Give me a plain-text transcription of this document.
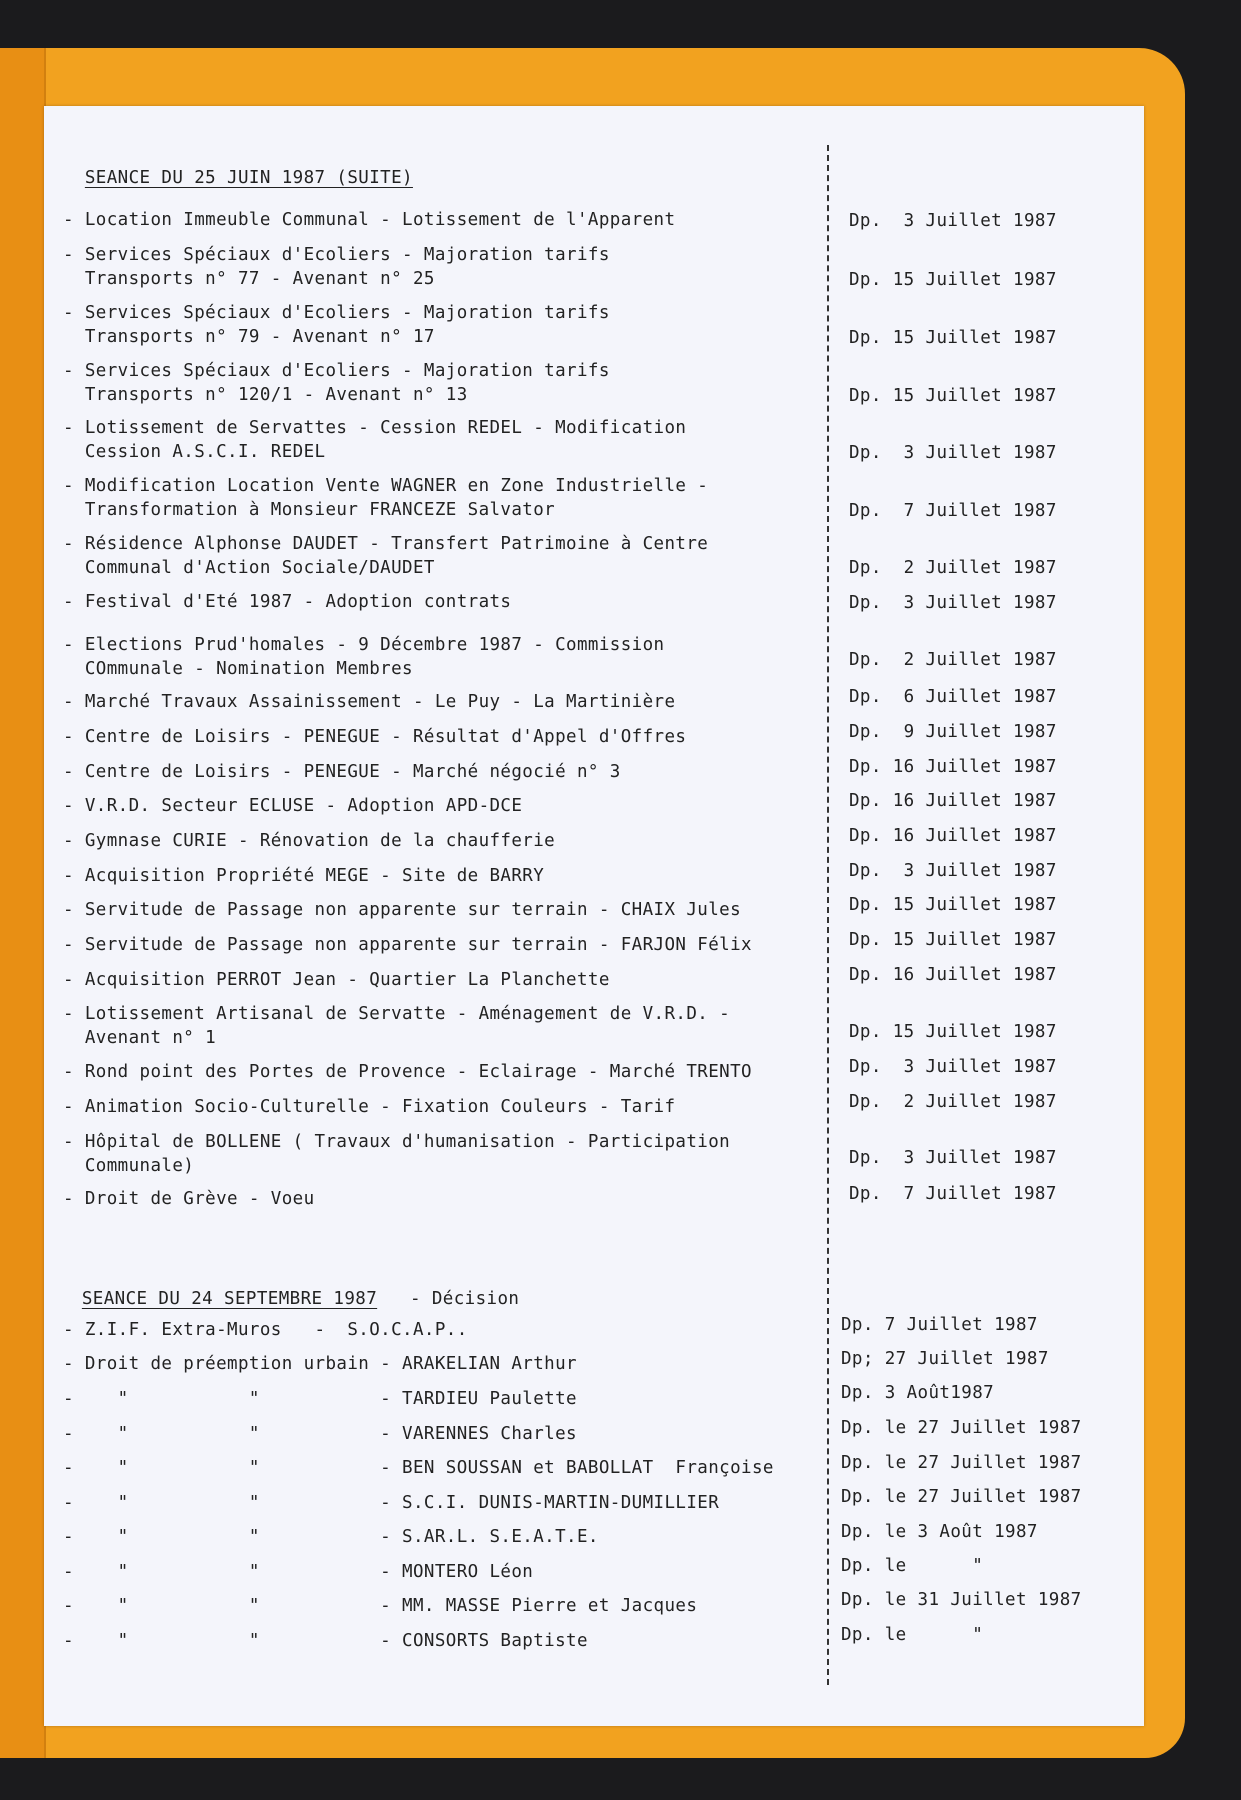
SEANCE DU 25 JUIN 1987 (SUITE)

- Location Immeuble Communal - Lotissement de l'Apparent	Dp.  3 Juillet 1987
- Services Spéciaux d'Ecoliers - Majoration tarifs
Transports n° 77 - Avenant n° 25	Dp. 15 Juillet 1987
- Services Spéciaux d'Ecoliers - Majoration tarifs
Transports n° 79 - Avenant n° 17	Dp. 15 Juillet 1987
- Services Spéciaux d'Ecoliers - Majoration tarifs
Transports n° 120/1 - Avenant n° 13	Dp. 15 Juillet 1987
- Lotissement de Servattes - Cession REDEL - Modification
Cession A.S.C.I. REDEL	Dp.  3 Juillet 1987
- Modification Location Vente WAGNER en Zone Industrielle -
Transformation à Monsieur FRANCEZE Salvator	Dp.  7 Juillet 1987
- Résidence Alphonse DAUDET - Transfert Patrimoine à Centre
Communal d'Action Sociale/DAUDET	Dp.  2 Juillet 1987
- Festival d'Eté 1987 - Adoption contrats	Dp.  3 Juillet 1987
- Elections Prud'homales - 9 Décembre 1987 - Commission
COmmunale - Nomination Membres	Dp.  2 Juillet 1987
- Marché Travaux Assainissement - Le Puy - La Martinière	Dp.  6 Juillet 1987
- Centre de Loisirs - PENEGUE - Résultat d'Appel d'Offres	Dp.  9 Juillet 1987
- Centre de Loisirs - PENEGUE - Marché négocié n° 3	Dp. 16 Juillet 1987
- V.R.D. Secteur ECLUSE - Adoption APD-DCE	Dp. 16 Juillet 1987
- Gymnase CURIE - Rénovation de la chaufferie	Dp. 16 Juillet 1987
- Acquisition Propriété MEGE - Site de BARRY	Dp.  3 Juillet 1987
- Servitude de Passage non apparente sur terrain - CHAIX Jules	Dp. 15 Juillet 1987
- Servitude de Passage non apparente sur terrain - FARJON Félix	Dp. 15 Juillet 1987
- Acquisition PERROT Jean - Quartier La Planchette	Dp. 16 Juillet 1987
- Lotissement Artisanal de Servatte - Aménagement de V.R.D. -
Avenant n° 1	Dp. 15 Juillet 1987
- Rond point des Portes de Provence - Eclairage - Marché TRENTO	Dp.  3 Juillet 1987
- Animation Socio-Culturelle - Fixation Couleurs - Tarif	Dp.  2 Juillet 1987
- Hôpital de BOLLENE ( Travaux d'humanisation - Participation
Communale)	Dp.  3 Juillet 1987
- Droit de Grève - Voeu	Dp.  7 Juillet 1987

SEANCE DU 24 SEPTEMBRE 1987   - Décision

- Z.I.F. Extra-Muros   -  S.O.C.A.P..	Dp. 7 Juillet 1987
- Droit de préemption urbain - ARAKELIAN Arthur	Dp; 27 Juillet 1987
-    "           "           - TARDIEU Paulette	Dp. 3 Août1987
-    "           "           - VARENNES Charles	Dp. le 27 Juillet 1987
-    "           "           - BEN SOUSSAN et BABOLLAT  Françoise	Dp. le 27 Juillet 1987
-    "           "           - S.C.I. DUNIS-MARTIN-DUMILLIER	Dp. le 27 Juillet 1987
-    "           "           - S.AR.L. S.E.A.T.E.	Dp. le 3 Août 1987
-    "           "           - MONTERO Léon	Dp. le      "
-    "           "           - MM. MASSE Pierre et Jacques	Dp. le 31 Juillet 1987
-    "           "           - CONSORTS Baptiste	Dp. le      "
